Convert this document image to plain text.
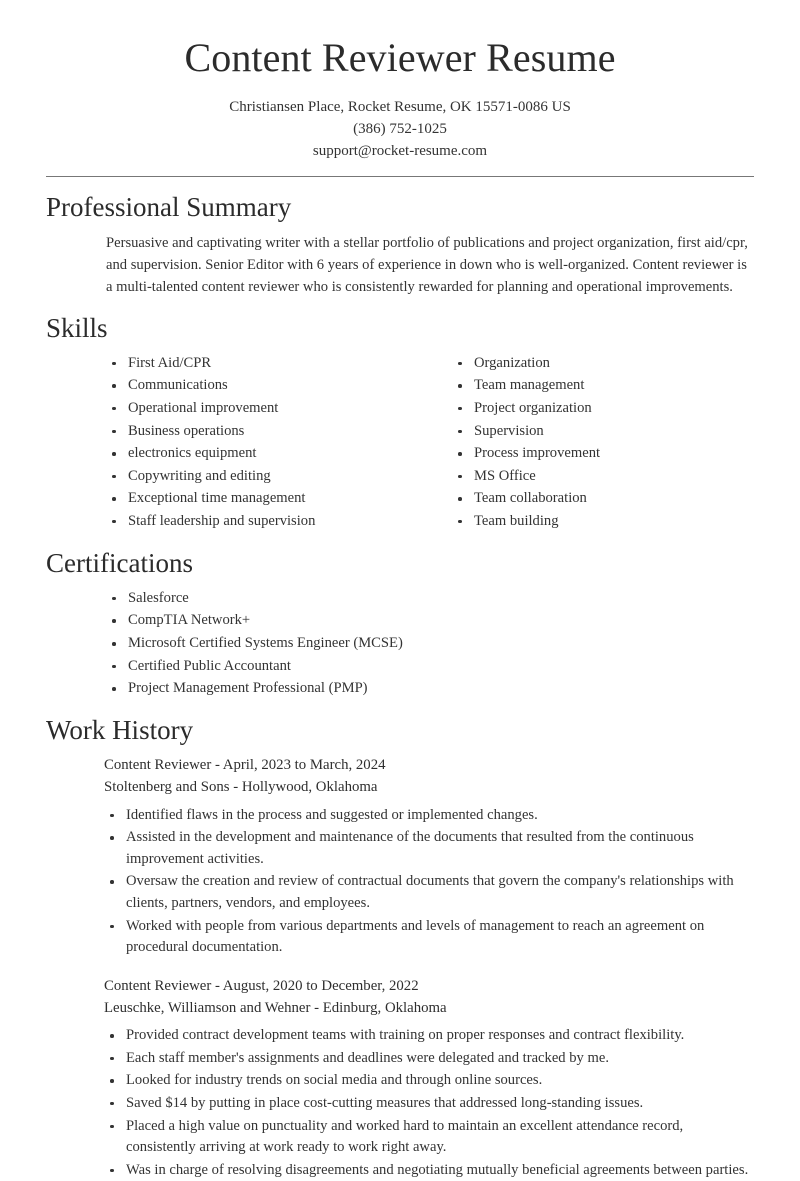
Content Reviewer Resume
Christiansen Place, Rocket Resume, OK 15571-0086 US
(386) 752-1025
support@rocket-resume.com
Professional Summary

Persuasive and captivating writer with a stellar portfolio of publications and project organization, first aid/cpr, and supervision. Senior Editor with 6 years of experience in down who is well-organized. Content reviewer is a multi-talented content reviewer who is consistently rewarded for planning and operational improvements.

Skills
First Aid/CPR
Communications
Operational improvement
Business operations
electronics equipment
Copywriting and editing
Exceptional time management
Staff leadership and supervision
Organization
Team management
Project organization
Supervision
Process improvement
MS Office
Team collaboration
Team building
Certifications
Salesforce
CompTIA Network+
Microsoft Certified Systems Engineer (MCSE)
Certified Public Accountant
Project Management Professional (PMP)
Work History

Content Reviewer - April, 2023 to March, 2024

Stoltenberg and Sons - Hollywood, Oklahoma

Identified flaws in the process and suggested or implemented changes.
Assisted in the development and maintenance of the documents that resulted from the continuous improvement activities.
Oversaw the creation and review of contractual documents that govern the company's relationships with clients, partners, vendors, and employees.
Worked with people from various departments and levels of management to reach an agreement on procedural documentation.

Content Reviewer - August, 2020 to December, 2022

Leuschke, Williamson and Wehner - Edinburg, Oklahoma

Provided contract development teams with training on proper responses and contract flexibility.
Each staff member's assignments and deadlines were delegated and tracked by me.
Looked for industry trends on social media and through online sources.
Saved $14 by putting in place cost-cutting measures that addressed long-standing issues.
Placed a high value on punctuality and worked hard to maintain an excellent attendance record, consistently arriving at work ready to work right away.
Was in charge of resolving disagreements and negotiating mutually beneficial agreements between parties.
